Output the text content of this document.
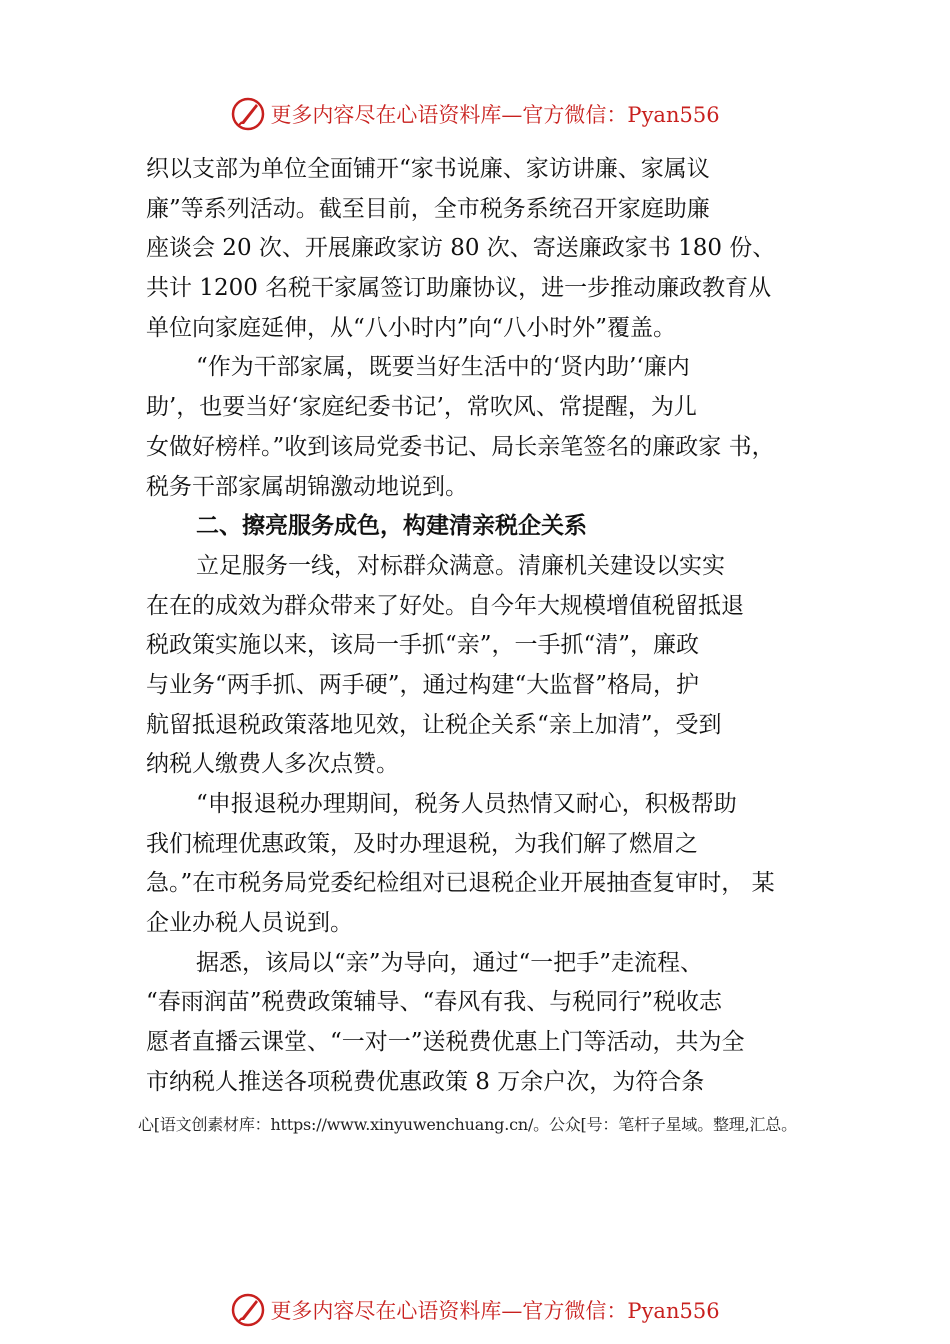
更多内容尽在心语资料库—官方微信：Pyan556
织以支部为单位全面铺开“家书说廉、家访讲廉、家属议
廉”等系列活动。截至目前，全市税务系统召开家庭助廉
座谈会 20 次、开展廉政家访 80 次、寄送廉政家书 180 份、
共计 1200 名税干家属签订助廉协议，进一步推动廉政教育从
单位向家庭延伸，从“八小时内”向“八小时外”覆盖。
“作为干部家属，既要当好生活中的‘贤内助’‘廉内
助’，也要当好‘家庭纪委书记’，常吹风、常提醒，为儿
女做好榜样。”收到该局党委书记、局长亲笔签名的廉政家 书，
税务干部家属胡锦激动地说到。
二、擦亮服务成色，构建清亲税企关系
立足服务一线，对标群众满意。清廉机关建设以实实
在在的成效为群众带来了好处。自今年大规模增值税留抵退
税政策实施以来，该局一手抓“亲”，一手抓“清”，廉政
与业务“两手抓、两手硬”，通过构建“大监督”格局，护
航留抵退税政策落地见效，让税企关系“亲上加清”，受到
纳税人缴费人多次点赞。
“申报退税办理期间，税务人员热情又耐心，积极帮助
我们梳理优惠政策，及时办理退税，为我们解了燃眉之
急。”在市税务局党委纪检组对已退税企业开展抽查复审时， 某
企业办税人员说到。
据悉，该局以“亲”为导向，通过“一把手”走流程、
“春雨润苗”税费政策辅导、“春风有我、与税同行”税收志
愿者直播云课堂、“一对一”送税费优惠上门等活动，共为全
市纳税人推送各项税费优惠政策 8 万余户次，为符合条
心[语文创素材库：https://www.xinyuwenchuang.cn/。公众[号：笔杆子星域。整理,汇总。
更多内容尽在心语资料库—官方微信：Pyan556
